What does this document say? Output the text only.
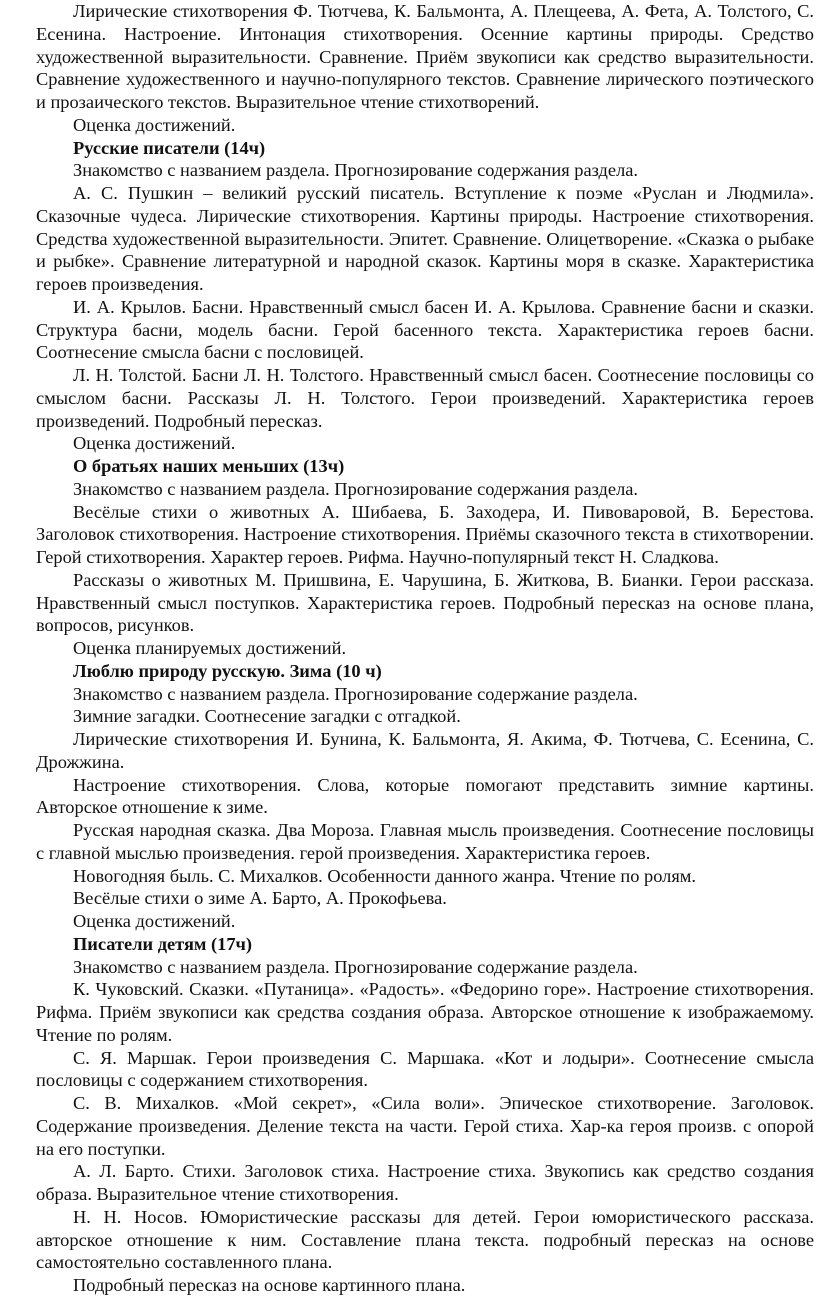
Лирические стихотворения Ф. Тютчева, К. Бальмонта, А. Плещеева, А. Фета, А. Толстого, С. Есенина. Настроение. Интонация стихотворения. Осенние картины природы. Средство художественной выразительности. Сравнение. Приём звукописи как средство выразительности. Сравнение художественного и научно-популярного текстов. Сравнение лирического поэтического и прозаического текстов. Выразительное чтение стихотворений.

Оценка достижений.

Русские писатели (14ч)

Знакомство с названием раздела. Прогнозирование содержания раздела.

А. С. Пушкин – великий русский писатель. Вступление к поэме «Руслан и Людмила». Сказочные чудеса. Лирические стихотворения. Картины природы. Настроение стихотворения. Средства художественной выразительности. Эпитет. Сравнение. Олицетворение. «Сказка о рыбаке и рыбке». Сравнение литературной и народной сказок. Картины моря в сказке. Характеристика героев произведения.

И. А. Крылов. Басни. Нравственный смысл басен И. А. Крылова. Сравнение басни и сказки. Структура басни, модель басни. Герой басенного текста. Характеристика героев басни. Соотнесение смысла басни с пословицей.

Л. Н. Толстой. Басни Л. Н. Толстого. Нравственный смысл басен. Соотнесение пословицы со смыслом басни. Рассказы Л. Н. Толстого. Герои произведений. Характеристика героев произведений. Подробный пересказ.

Оценка достижений.

О братьях наших меньших (13ч)

Знакомство с названием раздела. Прогнозирование содержания раздела.

Весёлые стихи о животных А. Шибаева, Б. Заходера, И. Пивоваровой, В. Берестова. Заголовок стихотворения. Настроение стихотворения. Приёмы сказочного текста в стихотворении. Герой стихотворения. Характер героев. Рифма. Научно-популярный текст Н. Сладкова.

Рассказы о животных М. Пришвина, Е. Чарушина, Б. Житкова, В. Бианки. Герои рассказа. Нравственный смысл поступков. Характеристика героев. Подробный пересказ на основе плана, вопросов, рисунков.

Оценка планируемых достижений.

Люблю природу русскую. Зима (10 ч)

Знакомство с названием раздела. Прогнозирование содержание раздела.

Зимние загадки. Соотнесение загадки с отгадкой.

Лирические стихотворения И. Бунина, К. Бальмонта, Я. Акима, Ф. Тютчева, С. Есенина, С. Дрожжина.

Настроение стихотворения. Слова, которые помогают представить зимние картины. Авторское отношение к зиме.

Русская народная сказка. Два Мороза. Главная мысль произведения. Соотнесение пословицы с главной мыслью произведения. герой произведения. Характеристика героев.

Новогодняя быль. С. Михалков. Особенности данного жанра. Чтение по ролям.

Весёлые стихи о зиме А. Барто, А. Прокофьева.

Оценка достижений.

Писатели детям (17ч)

Знакомство с названием раздела. Прогнозирование содержание раздела.

К. Чуковский. Сказки. «Путаница». «Радость». «Федорино горе». Настроение стихотворения. Рифма. Приём звукописи как средства создания образа. Авторское отношение к изображаемому. Чтение по ролям.

С. Я. Маршак. Герои произведения С. Маршака. «Кот и лодыри». Соотнесение смысла пословицы с содержанием стихотворения.

С. В. Михалков. «Мой секрет», «Сила воли». Эпическое стихотворение. Заголовок. Содержание произведения. Деление текста на части. Герой стиха. Хар-ка героя произв. с опорой на его поступки.

А. Л. Барто. Стихи. Заголовок стиха. Настроение стиха. Звукопись как средство создания образа. Выразительное чтение стихотворения.

Н. Н. Носов. Юмористические рассказы для детей. Герои юмористического рассказа. авторское отношение к ним. Составление плана текста. подробный пересказ на основе самостоятельно составленного плана.

Подробный пересказ на основе картинного плана.
